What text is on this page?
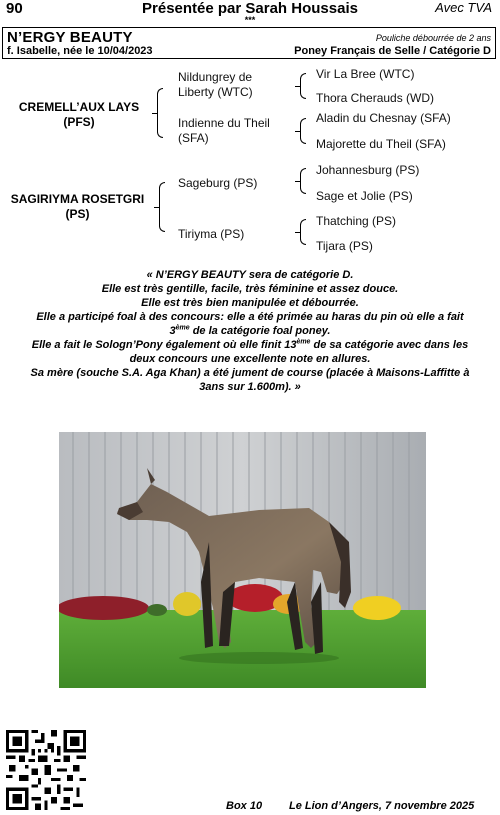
90	Présentée par Sarah Houssais	Avec TVA
***
N’ERGY BEAUTY	Pouliche débourrée de 2 ans
f. Isabelle, née le 10/04/2023	Poney Français de Selle / Catégorie D
CREMELL’AUX LAYS
(PFS)
Nildungrey de
Liberty (WTC)
Indienne du Theil
(SFA)
Vir La Bree (WTC)
Thora Cherauds (WD)
Aladin du Chesnay (SFA)
Majorette du Theil (SFA)
SAGIRIYMA ROSETGRI
(PS)
Sageburg (PS)
Tiriyma (PS)
Johannesburg (PS)
Sage et Jolie (PS)
Thatching (PS)
Tijara (PS)

« N’ERGY BEAUTY sera de catégorie D.

Elle est très gentille, facile, très féminine et assez douce.

Elle est très bien manipulée et débourrée.

Elle a participé foal à des concours: elle a été primée au haras du pin où elle a fait

3ème de la catégorie foal poney.

Elle a fait le Sologn’Pony également où elle finit 13ème de sa catégorie avec dans les

deux concours une excellente note en allures.

Sa mère (souche S.A. Aga Khan) a été jument de course (placée à Maisons-Laffitte à

3ans sur 1.600m). »

Box 10 Le Lion d’Angers, 7 novembre 2025
